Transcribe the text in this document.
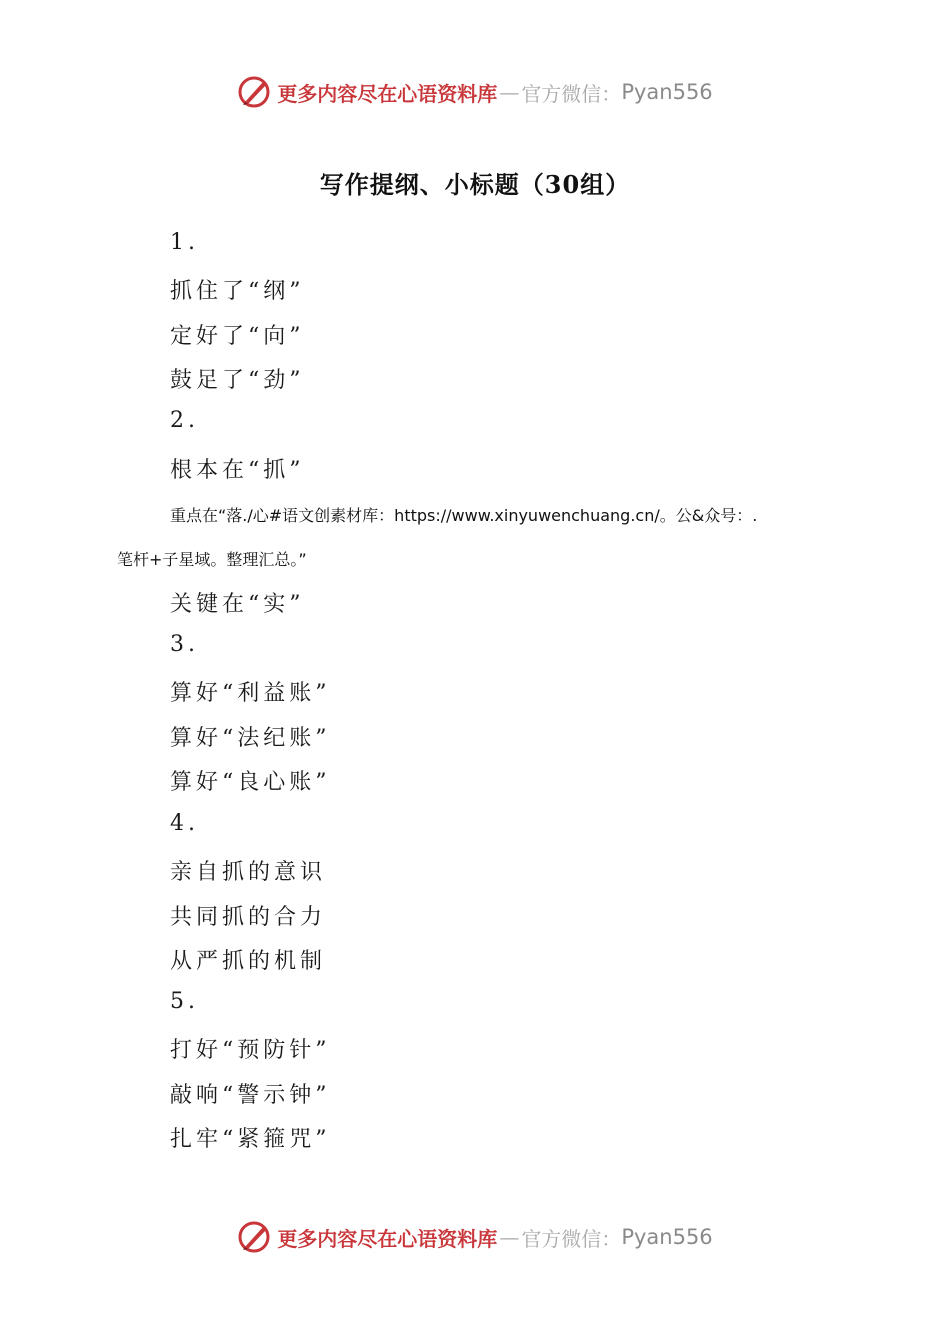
更多内容尽在心语资料库 — 官方微信： Pyan556
写作提纲、小标题（30组）
1.
抓住了“纲”
定好了“向”
鼓足了“劲”
2.
根本在“抓”
重点在“落./心#语文创素材库：https://www.xinyuwenchuang.cn/。公&众号：.
笔杆+子星域。整理汇总。”
关键在“实”
3.
算好“利益账”
算好“法纪账”
算好“良心账”
4.
亲自抓的意识
共同抓的合力
从严抓的机制
5.
打好“预防针”
敲响“警示钟”
扎牢“紧箍咒”
更多内容尽在心语资料库 — 官方微信： Pyan556
